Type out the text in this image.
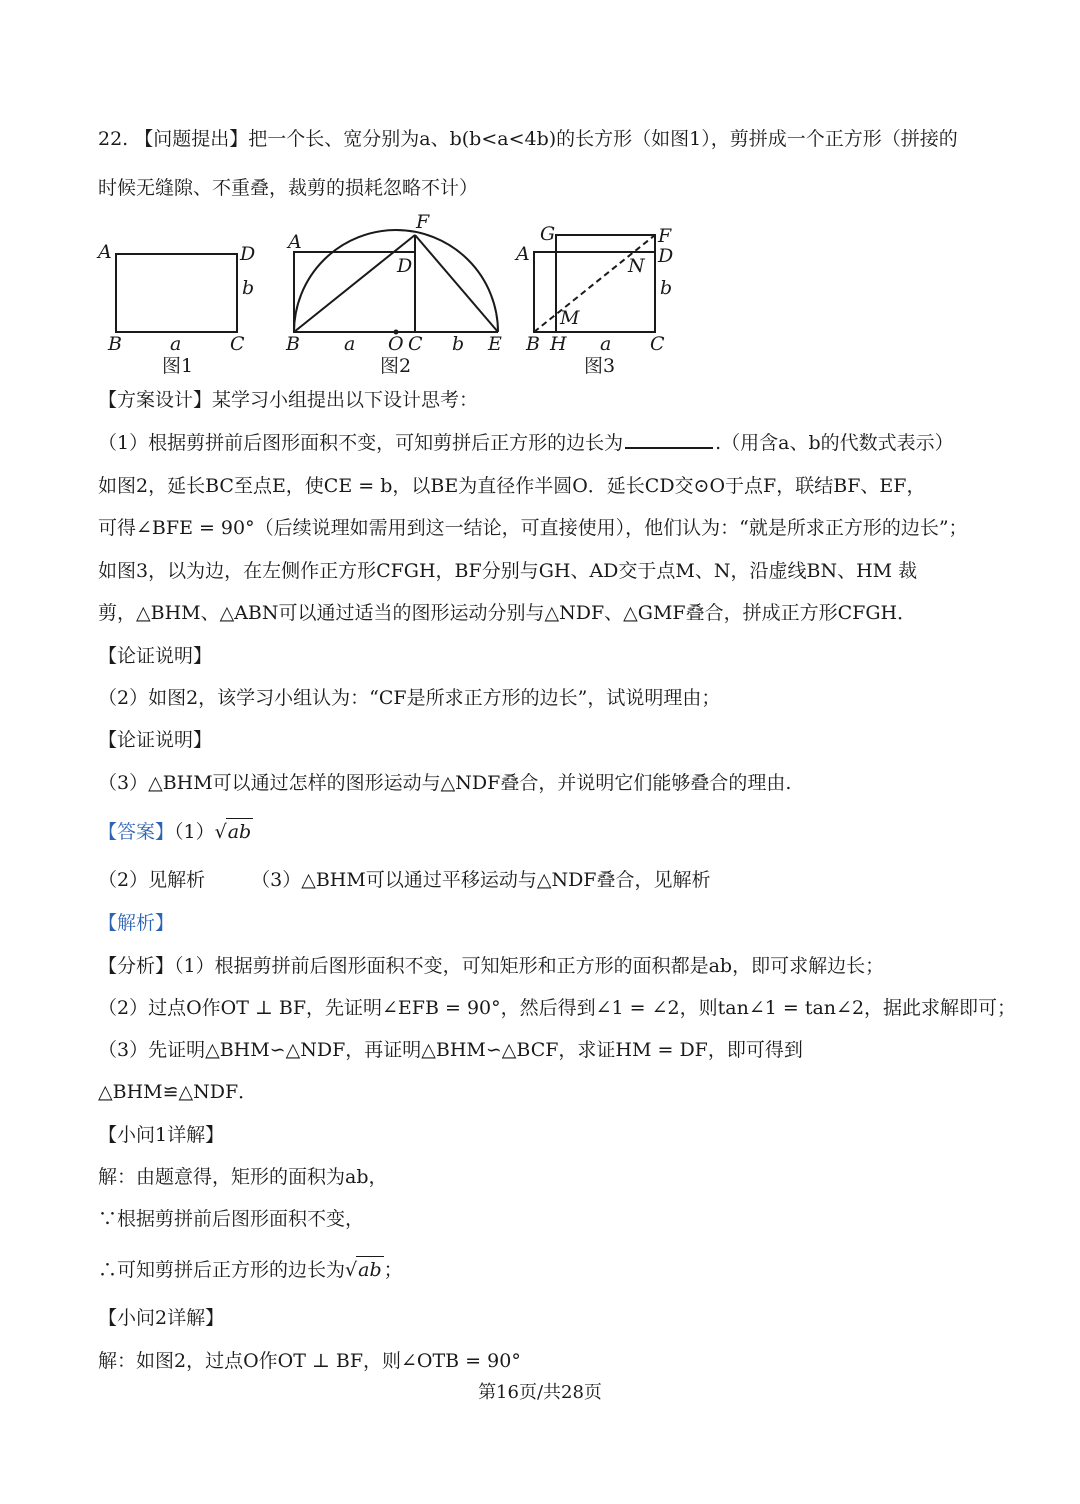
22. 【问题提出】把一个长、宽分别为a、b(b<a<4b)的长方形（如图1），剪拼成一个正方形（拼接的
时候无缝隙、不重叠，裁剪的损耗忽略不计）
A	D
b
B	a	C
图1
F
A
D
B a O C b E
图2
G	F
A
N D
b
M
B H a C
图3
【方案设计】某学习小组提出以下设计思考：
（1）根据剪拼前后图形面积不变，可知剪拼后正方形的边长为	.（用含a、b的代数式表示）
如图2，延长BC至点E，使CE = b，以BE为直径作半圆O．延长CD交⊙O于点F，联结BF、EF，
可得∠BFE = 90°（后续说理如需用到这一结论，可直接使用），他们认为：“就是所求正方形的边长”；
如图3，以为边，在左侧作正方形CFGH，BF分别与GH、AD交于点M、N，沿虚线BN、HM 裁
剪，△BHM、△ABN可以通过适当的图形运动分别与△NDF、△GMF叠合，拼成正方形CFGH．
【论证说明】
（2）如图2，该学习小组认为：“CF是所求正方形的边长”，试说明理由；
【论证说明】
（3）△BHM可以通过怎样的图形运动与△NDF叠合，并说明它们能够叠合的理由.
【答案】（1）√ab
（2）见解析 （3）△BHM可以通过平移运动与△NDF叠合，见解析
【解析】
【分析】（1）根据剪拼前后图形面积不变，可知矩形和正方形的面积都是ab，即可求解边长；
（2）过点O作OT ⊥ BF，先证明∠EFB = 90°，然后得到∠1 = ∠2，则tan∠1 = tan∠2，据此求解即可；
（3）先证明△BHM∽△NDF，再证明△BHM∽△BCF，求证HM = DF，即可得到
△BHM≌△NDF．
【小问1详解】
解：由题意得，矩形的面积为ab，
∵根据剪拼前后图形面积不变，
∴可知剪拼后正方形的边长为√ab ；
【小问2详解】
解：如图2，过点O作OT ⊥ BF，则∠OTB = 90°
第16页/共28页
